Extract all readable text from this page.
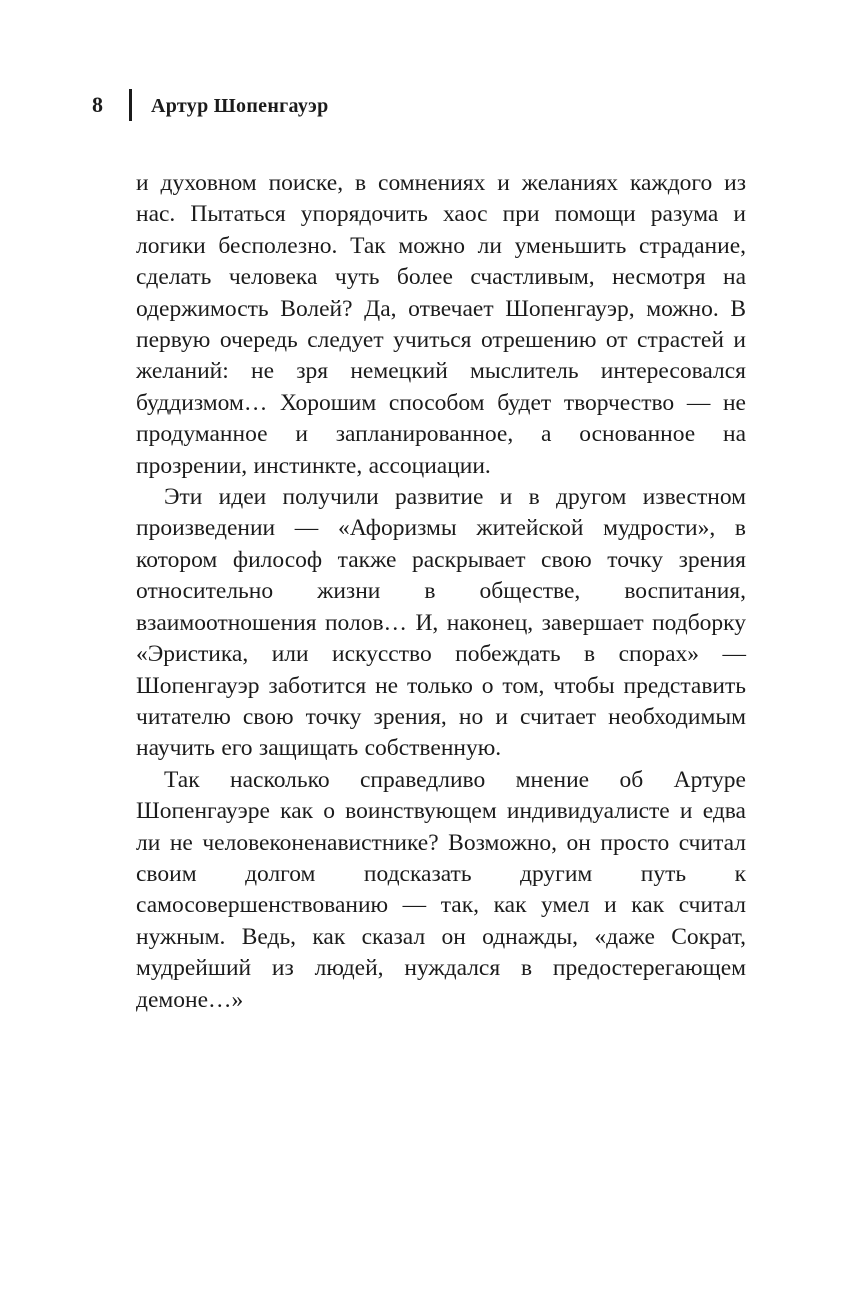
8 Артур Шопенгауэр

и духовном поиске, в сомнениях и желаниях каждого из нас. Пытаться упорядочить хаос при помощи разума и логики бесполезно. Так можно ли уменьшить страдание, сделать человека чуть более счастливым, несмотря на одержимость Волей? Да, отвечает Шопенгауэр, можно. В первую очередь следует учиться отрешению от страстей и желаний: не зря немецкий мыслитель интересовался буддизмом… Хорошим способом будет творчество — не продуманное и запланированное, а основанное на прозрении, инстинкте, ассоциации.

Эти идеи получили развитие и в другом известном произведении — «Афоризмы житейской мудрости», в котором философ также раскрывает свою точку зрения относительно жизни в обществе, воспитания, взаимоотношения полов… И, наконец, завершает подборку «Эристика, или искусство побеждать в спорах» — Шопенгауэр заботится не только о том, чтобы представить читателю свою точку зрения, но и считает необходимым научить его защищать собственную.

Так насколько справедливо мнение об Артуре Шопенгауэре как о воинствующем индивидуалисте и едва ли не человеконенавистнике? Возможно, он просто считал своим долгом подсказать другим путь к самосовершенствованию — так, как умел и как считал нужным. Ведь, как сказал он однажды, «даже Сократ, мудрейший из людей, нуждался в предостерегающем демоне…»
